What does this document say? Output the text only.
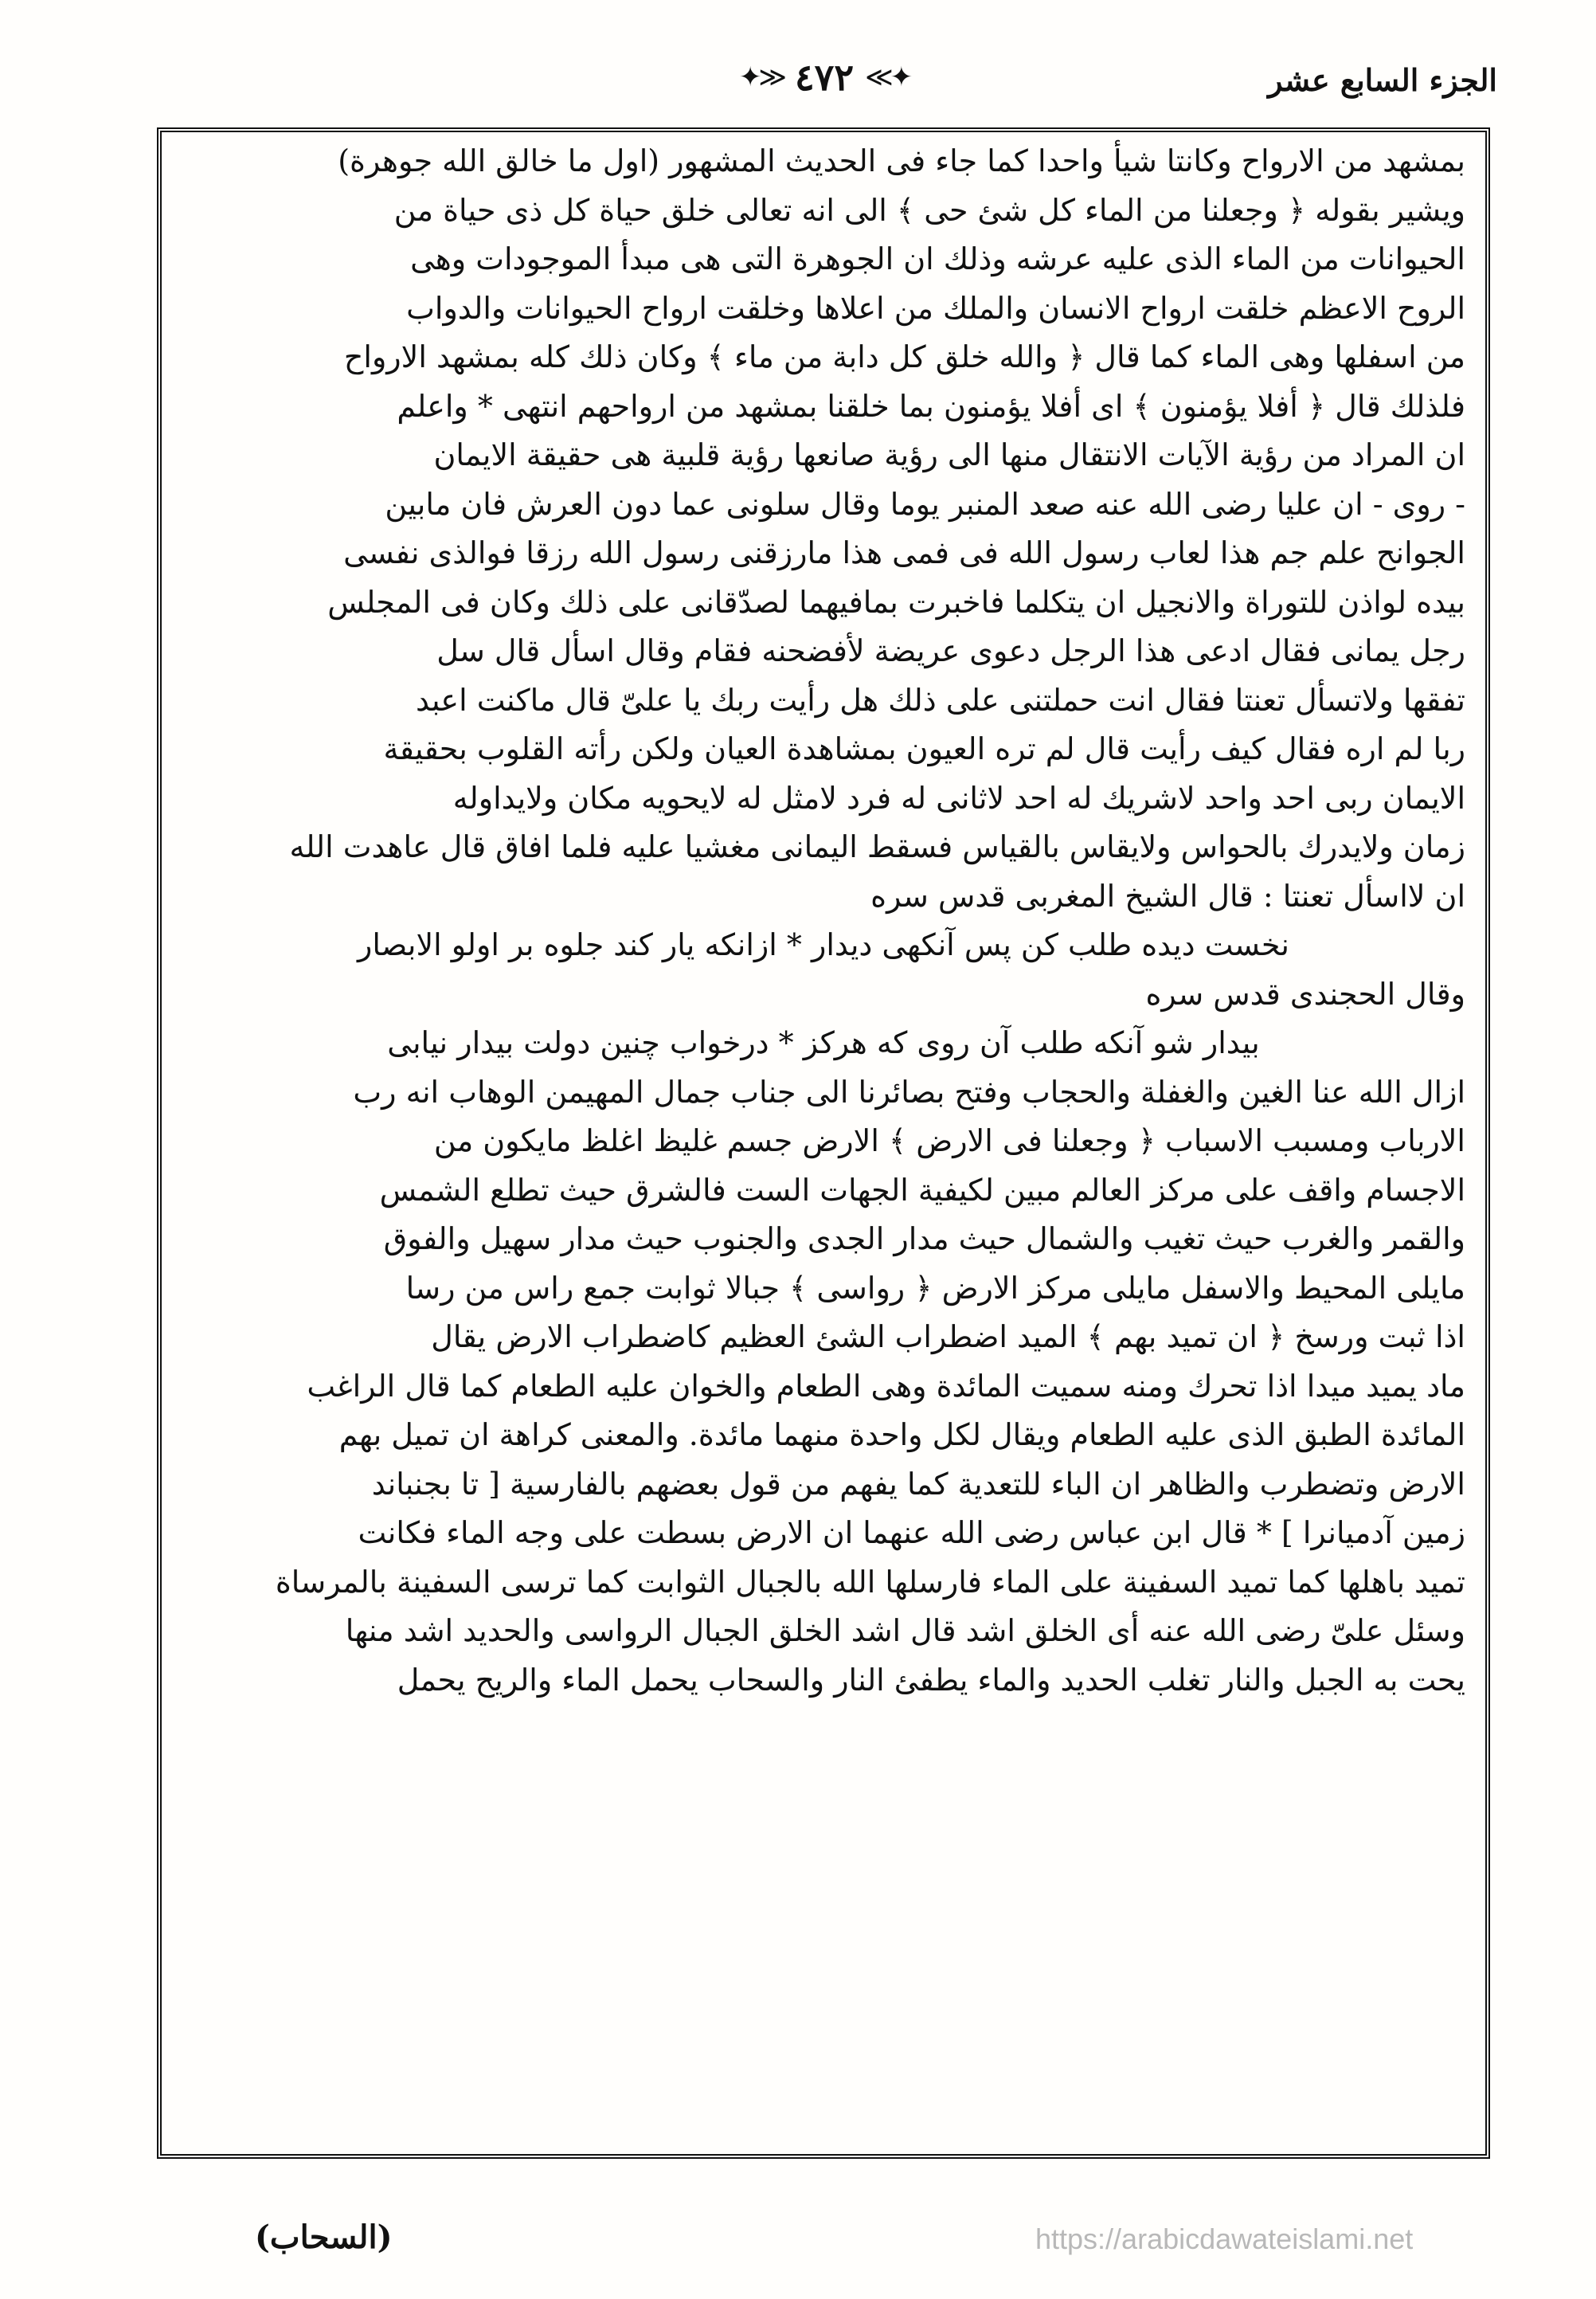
الجزء السابع عشر
✦≫ ٤٧٢ ≪✦

بمشهد من الارواح وكانتا شيأ واحدا كما جاء فى الحديث المشهور (اول ما خالق الله جوهرة)

ويشير بقوله ﴿ وجعلنا من الماء كل شئ حى ﴾ الى انه تعالى خلق حياة كل ذى حياة من

الحيوانات من الماء الذى عليه عرشه وذلك ان الجوهرة التى هى مبدأ الموجودات وهى

الروح الاعظم خلقت ارواح الانسان والملك من اعلاها وخلقت ارواح الحيوانات والدواب

من اسفلها وهى الماء كما قال ﴿ والله خلق كل دابة من ماء ﴾ وكان ذلك كله بمشهد الارواح

فلذلك قال ﴿ أفلا يؤمنون ﴾ اى أفلا يؤمنون بما خلقنا بمشهد من ارواحهم انتهى * واعلم

ان المراد من رؤية الآيات الانتقال منها الى رؤية صانعها رؤية قلبية هى حقيقة الايمان

- روى - ان عليا رضى الله عنه صعد المنبر يوما وقال سلونى عما دون العرش فان مابين

الجوانح علم جم هذا لعاب رسول الله فى فمى هذا مارزقنى رسول الله رزقا فوالذى نفسى

بيده لواذن للتوراة والانجيل ان يتكلما فاخبرت بمافيهما لصدّقانى على ذلك وكان فى المجلس

رجل يمانى فقال ادعى هذا الرجل دعوى عريضة لأفضحنه فقام وقال اسأل قال سل

تفقها ولاتسأل تعنتا فقال انت حملتنى على ذلك هل رأيت ربك يا علىّ قال ماكنت اعبد

ربا لم اره فقال كيف رأيت قال لم تره العيون بمشاهدة العيان ولكن رأته القلوب بحقيقة

الايمان ربى احد واحد لاشريك له احد لاثانى له فرد لامثل له لايحويه مكان ولايداوله

زمان ولايدرك بالحواس ولايقاس بالقياس فسقط اليمانى مغشيا عليه فلما افاق قال عاهدت الله

ان لااسأل تعنتا : قال الشيخ المغربى قدس سره

نخست ديده طلب كن پس آنكهى ديدار * ازانكه يار كند جلوه بر اولو الابصار

وقال الحجندى قدس سره

بيدار شو آنكه طلب آن روى كه هركز * درخواب چنين دولت بيدار نيابى

ازال الله عنا الغين والغفلة والحجاب وفتح بصائرنا الى جناب جمال المهيمن الوهاب انه رب

الارباب ومسبب الاسباب ﴿ وجعلنا فى الارض ﴾ الارض جسم غليظ اغلظ مايكون من

الاجسام واقف على مركز العالم مبين لكيفية الجهات الست فالشرق حيث تطلع الشمس

والقمر والغرب حيث تغيب والشمال حيث مدار الجدى والجنوب حيث مدار سهيل والفوق

مايلى المحيط والاسفل مايلى مركز الارض ﴿ رواسى ﴾ جبالا ثوابت جمع راس من رسا

اذا ثبت ورسخ ﴿ ان تميد بهم ﴾ الميد اضطراب الشئ العظيم كاضطراب الارض يقال

ماد يميد ميدا اذا تحرك ومنه سميت المائدة وهى الطعام والخوان عليه الطعام كما قال الراغب

المائدة الطبق الذى عليه الطعام ويقال لكل واحدة منهما مائدة. والمعنى كراهة ان تميل بهم

الارض وتضطرب والظاهر ان الباء للتعدية كما يفهم من قول بعضهم بالفارسية [ تا بجنباند

زمين آدميانرا ] * قال ابن عباس رضى الله عنهما ان الارض بسطت على وجه الماء فكانت

تميد باهلها كما تميد السفينة على الماء فارسلها الله بالجبال الثوابت كما ترسى السفينة بالمرساة

وسئل علىّ رضى الله عنه أى الخلق اشد قال اشد الخلق الجبال الرواسى والحديد اشد منها

يحت به الجبل والنار تغلب الحديد والماء يطفئ النار والسحاب يحمل الماء والريح يحمل

(السحاب)	https://arabicdawateislami.net
